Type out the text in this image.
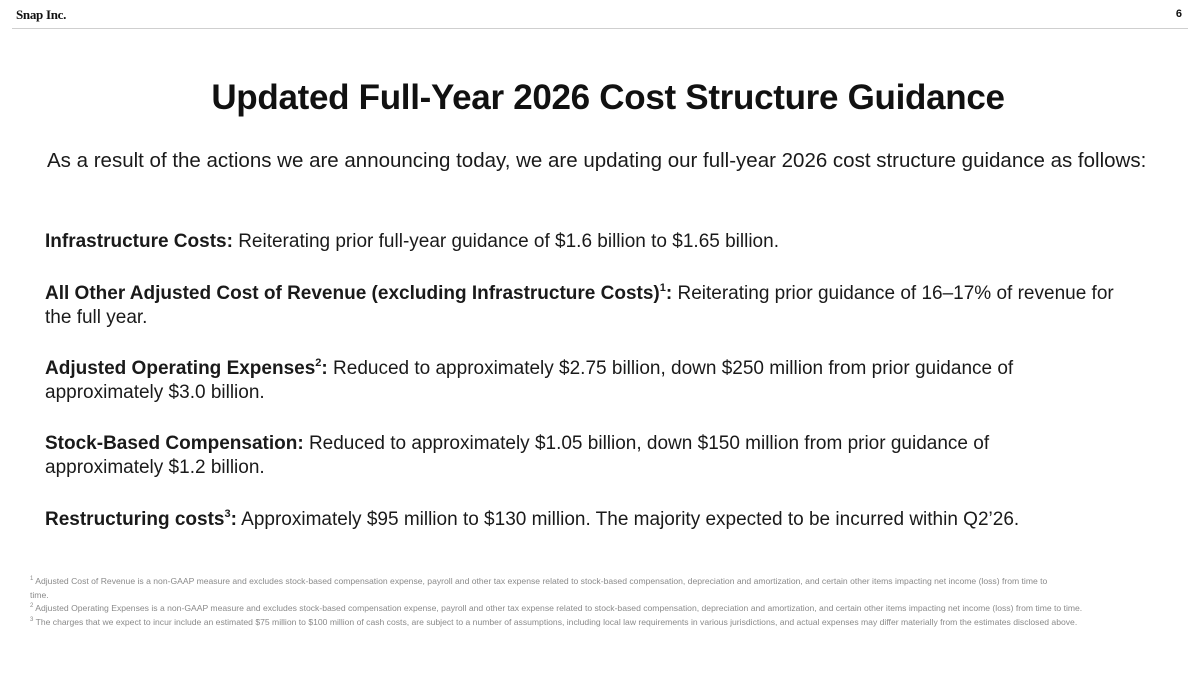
Snap Inc.	6
Updated Full-Year 2026 Cost Structure Guidance

As a result of the actions we are announcing today, we are updating our full-year 2026 cost structure guidance as follows:

Infrastructure Costs: Reiterating prior full-year guidance of $1.6 billion to $1.65 billion.

All Other Adjusted Cost of Revenue (excluding Infrastructure Costs)$^1$: Reiterating prior guidance of 16–17% of revenue for the full year.

Adjusted Operating Expenses$^2$: Reduced to approximately $2.75 billion, down $250 million from prior guidance of approximately $3.0 billion.

Stock-Based Compensation: Reduced to approximately $1.05 billion, down $150 million from prior guidance of approximately $1.2 billion.

Restructuring costs$^3$: Approximately $95 million to $130 million. The majority expected to be incurred within Q2’26.

$^1$ Adjusted Cost of Revenue is a non-GAAP measure and excludes stock-based compensation expense, payroll and other tax expense related to stock-based compensation, depreciation and amortization, and certain other items impacting net income (loss) from time to time.

$^2$ Adjusted Operating Expenses is a non-GAAP measure and excludes stock-based compensation expense, payroll and other tax expense related to stock-based compensation, depreciation and amortization, and certain other items impacting net income (loss) from time to time.

$^3$ The charges that we expect to incur include an estimated $75 million to $100 million of cash costs, are subject to a number of assumptions, including local law requirements in various jurisdictions, and actual expenses may differ materially from the estimates disclosed above.
